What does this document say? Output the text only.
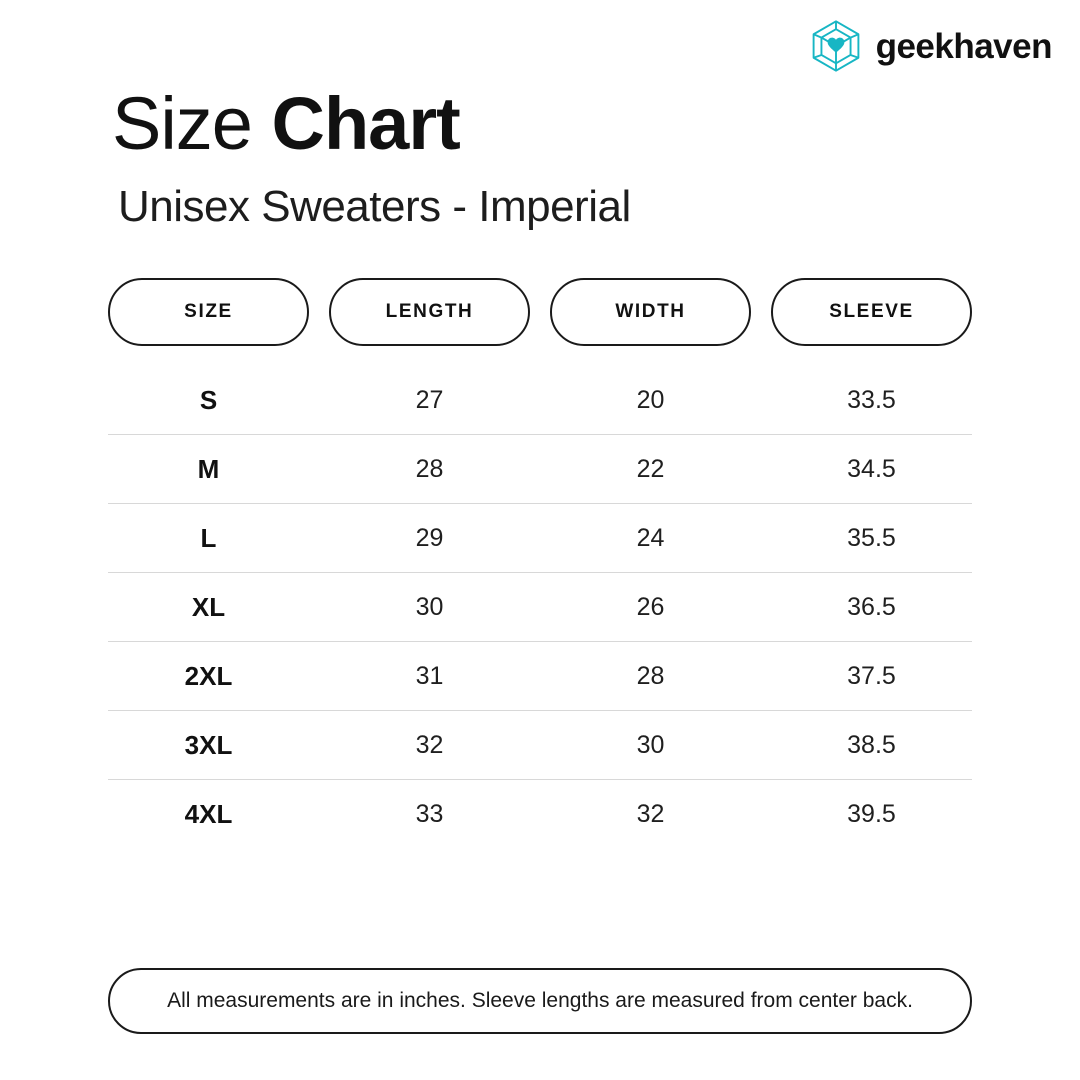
geekhaven
Size Chart
Unisex Sweaters - Imperial
SIZE	LENGTH	WIDTH	SLEEVE
S	27	20	33.5
M	28	22	34.5
L	29	24	35.5
XL	30	26	36.5
2XL	31	28	37.5
3XL	32	30	38.5
4XL	33	32	39.5
All measurements are in inches. Sleeve lengths are measured from center back.
